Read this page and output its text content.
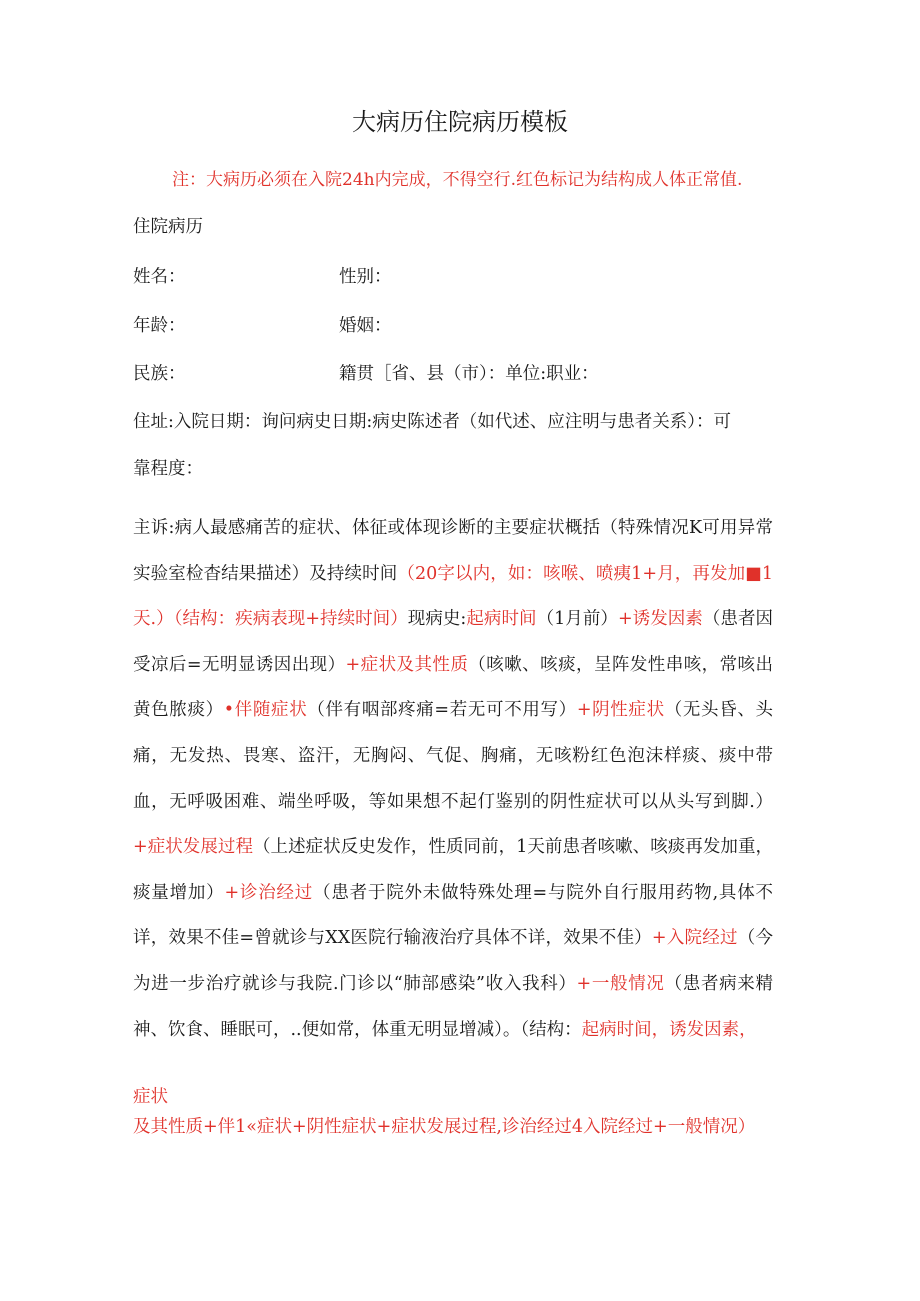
大病历住院病历模板
注：大病历必须在入院24h内完成，不得空行.红色标记为结构成人体正常值.
住院病历
姓名：	性别：
年龄：	婚姻：
民族：	籍贯［省、县（市）：单位:职业：
住址:入院日期：询问病史日期:病史陈述者（如代述、应注明与患者关系）：可
靠程度：

主诉:病人最感痛苦的症状、体征或体现诊断的主要症状概括（特殊情况K可用异常实验室检杳结果描述）及持续时间（20字以内，如：咳喉、喷痍1+月，再发加■1天.）（结构：疾病表现+持续时间）现病史:起病时间（1月前）+诱发因素（患者因受凉后=无明显诱因出现）+症状及其性质（咳嗽、咳痰，呈阵发性串咳，常咳出黄色脓痰）•伴随症状（伴有咽部疼痛=若无可不用写）+阴性症状（无头昏、头痛，无发热、畏寒、盗汗，无胸闷、气促、胸痛，无咳粉红色泡沫样痰、痰中带血，无呼吸困难、端坐呼吸，等如果想不起仃鉴别的阴性症状可以从头写到脚.）+症状发展过程（上述症状反史发作，性质同前，1天前患者咳嗽、咳痰再发加重，痰量增加）+诊治经过（患者于院外未做特殊处理=与院外自行服用药物,具体不详，效果不佳=曾就诊与XX医院行输液治疗具体不详，效果不佳）+入院经过（今为进一步治疗就诊与我院.门诊以“肺部感染”收入我科）+一般情况（患者病来精神、饮食、睡眠可，..便如常，体重无明显增减）。（结构：起病时间，诱发因素，

症状
及其性质+伴1«症状+阴性症状+症状发展过程,诊治经过4入院经过+一般情况）
